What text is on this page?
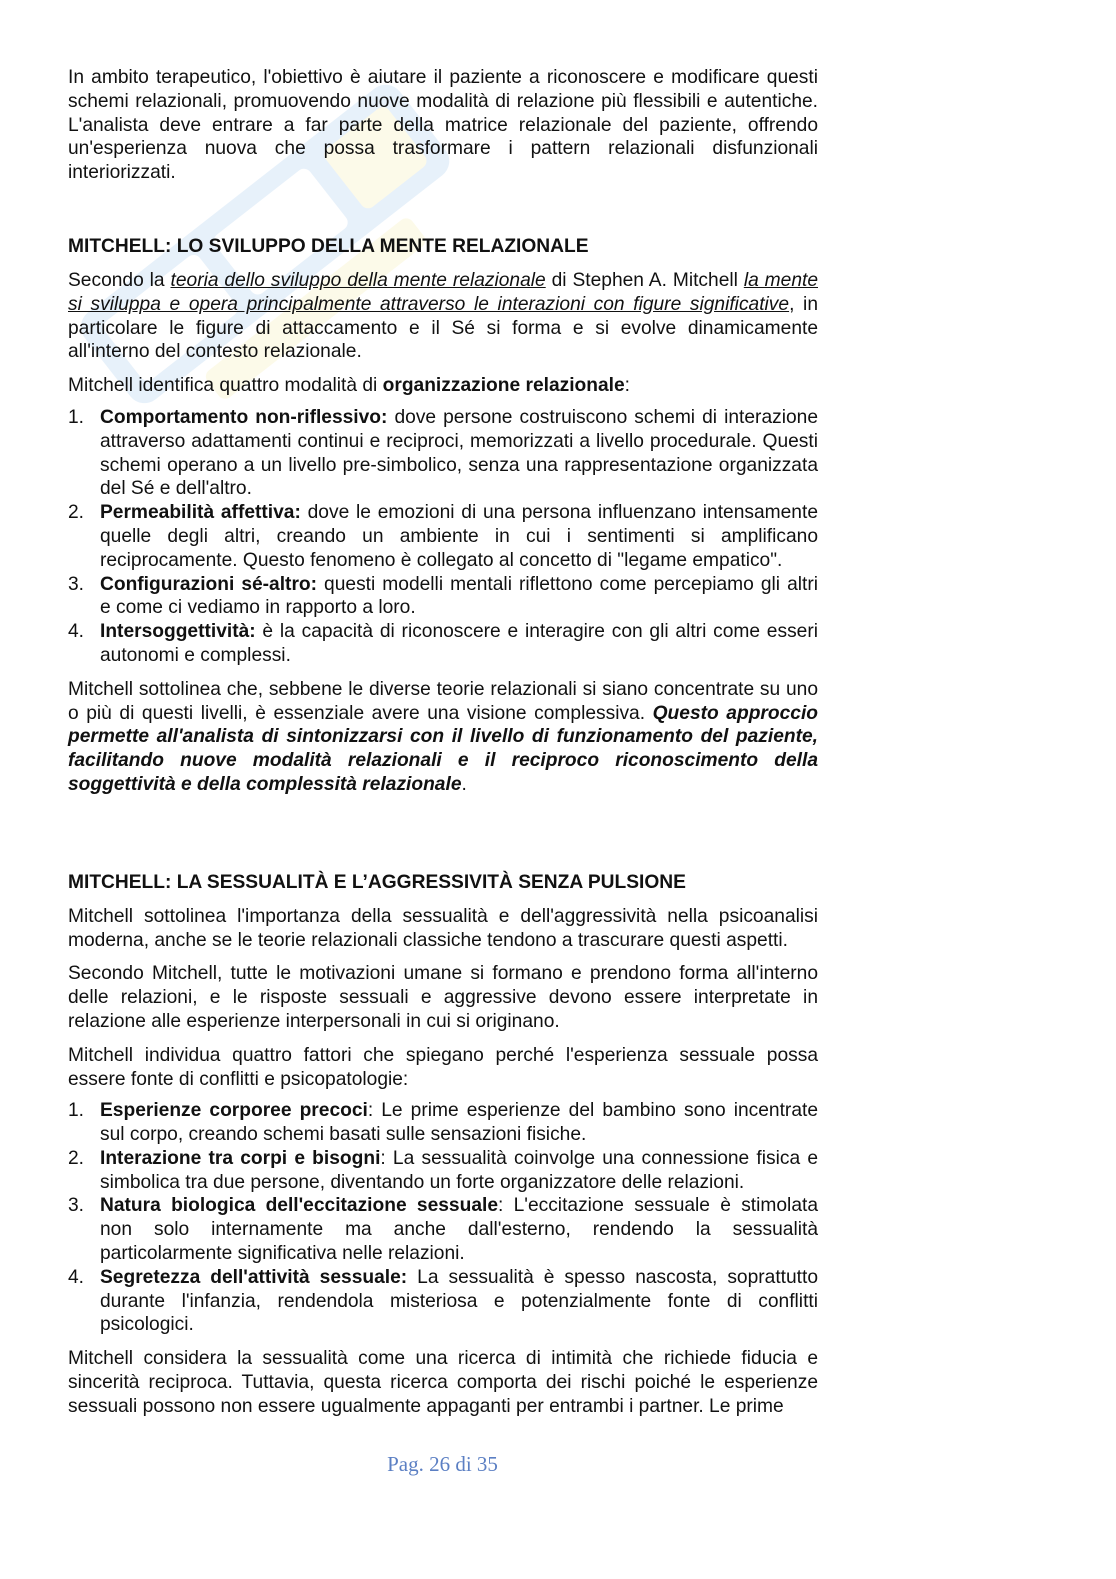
In ambito terapeutico, l'obiettivo è aiutare il paziente a riconoscere e modificare questi schemi relazionali, promuovendo nuove modalità di relazione più flessibili e autentiche. L'analista deve entrare a far parte della matrice relazionale del paziente, offrendo un'esperienza nuova che possa trasformare i pattern relazionali disfunzionali interiorizzati.

MITCHELL: LO SVILUPPO DELLA MENTE RELAZIONALE

Secondo la teoria dello sviluppo della mente relazionale di Stephen A. Mitchell la mente si sviluppa e opera principalmente attraverso le interazioni con figure significative, in particolare le figure di attaccamento e il Sé si forma e si evolve dinamicamente all'interno del contesto relazionale.

Mitchell identifica quattro modalità di organizzazione relazionale:

1. Comportamento non-riflessivo: dove persone costruiscono schemi di interazione attraverso adattamenti continui e reciproci, memorizzati a livello procedurale. Questi schemi operano a un livello pre-simbolico, senza una rappresentazione organizzata del Sé e dell'altro.
2. Permeabilità affettiva: dove le emozioni di una persona influenzano intensamente quelle degli altri, creando un ambiente in cui i sentimenti si amplificano reciprocamente. Questo fenomeno è collegato al concetto di "legame empatico".
3. Configurazioni sé-altro: questi modelli mentali riflettono come percepiamo gli altri e come ci vediamo in rapporto a loro.
4. Intersoggettività: è la capacità di riconoscere e interagire con gli altri come esseri autonomi e complessi.

Mitchell sottolinea che, sebbene le diverse teorie relazionali si siano concentrate su uno o più di questi livelli, è essenziale avere una visione complessiva. Questo approccio permette all'analista di sintonizzarsi con il livello di funzionamento del paziente, facilitando nuove modalità relazionali e il reciproco riconoscimento della soggettività e della complessità relazionale.

MITCHELL: LA SESSUALITÀ E L’AGGRESSIVITÀ SENZA PULSIONE

Mitchell sottolinea l'importanza della sessualità e dell'aggressività nella psicoanalisi moderna, anche se le teorie relazionali classiche tendono a trascurare questi aspetti.

Secondo Mitchell, tutte le motivazioni umane si formano e prendono forma all'interno delle relazioni, e le risposte sessuali e aggressive devono essere interpretate in relazione alle esperienze interpersonali in cui si originano.

Mitchell individua quattro fattori che spiegano perché l'esperienza sessuale possa essere fonte di conflitti e psicopatologie:

1. Esperienze corporee precoci: Le prime esperienze del bambino sono incentrate sul corpo, creando schemi basati sulle sensazioni fisiche.
2. Interazione tra corpi e bisogni: La sessualità coinvolge una connessione fisica e simbolica tra due persone, diventando un forte organizzatore delle relazioni.
3. Natura biologica dell'eccitazione sessuale: L'eccitazione sessuale è stimolata non solo internamente ma anche dall'esterno, rendendo la sessualità particolarmente significativa nelle relazioni.
4. Segretezza dell'attività sessuale: La sessualità è spesso nascosta, soprattutto durante l'infanzia, rendendola misteriosa e potenzialmente fonte di conflitti psicologici.

Mitchell considera la sessualità come una ricerca di intimità che richiede fiducia e sincerità reciproca. Tuttavia, questa ricerca comporta dei rischi poiché le esperienze sessuali possono non essere ugualmente appaganti per entrambi i partner. Le prime

Pag. 26 di 35
